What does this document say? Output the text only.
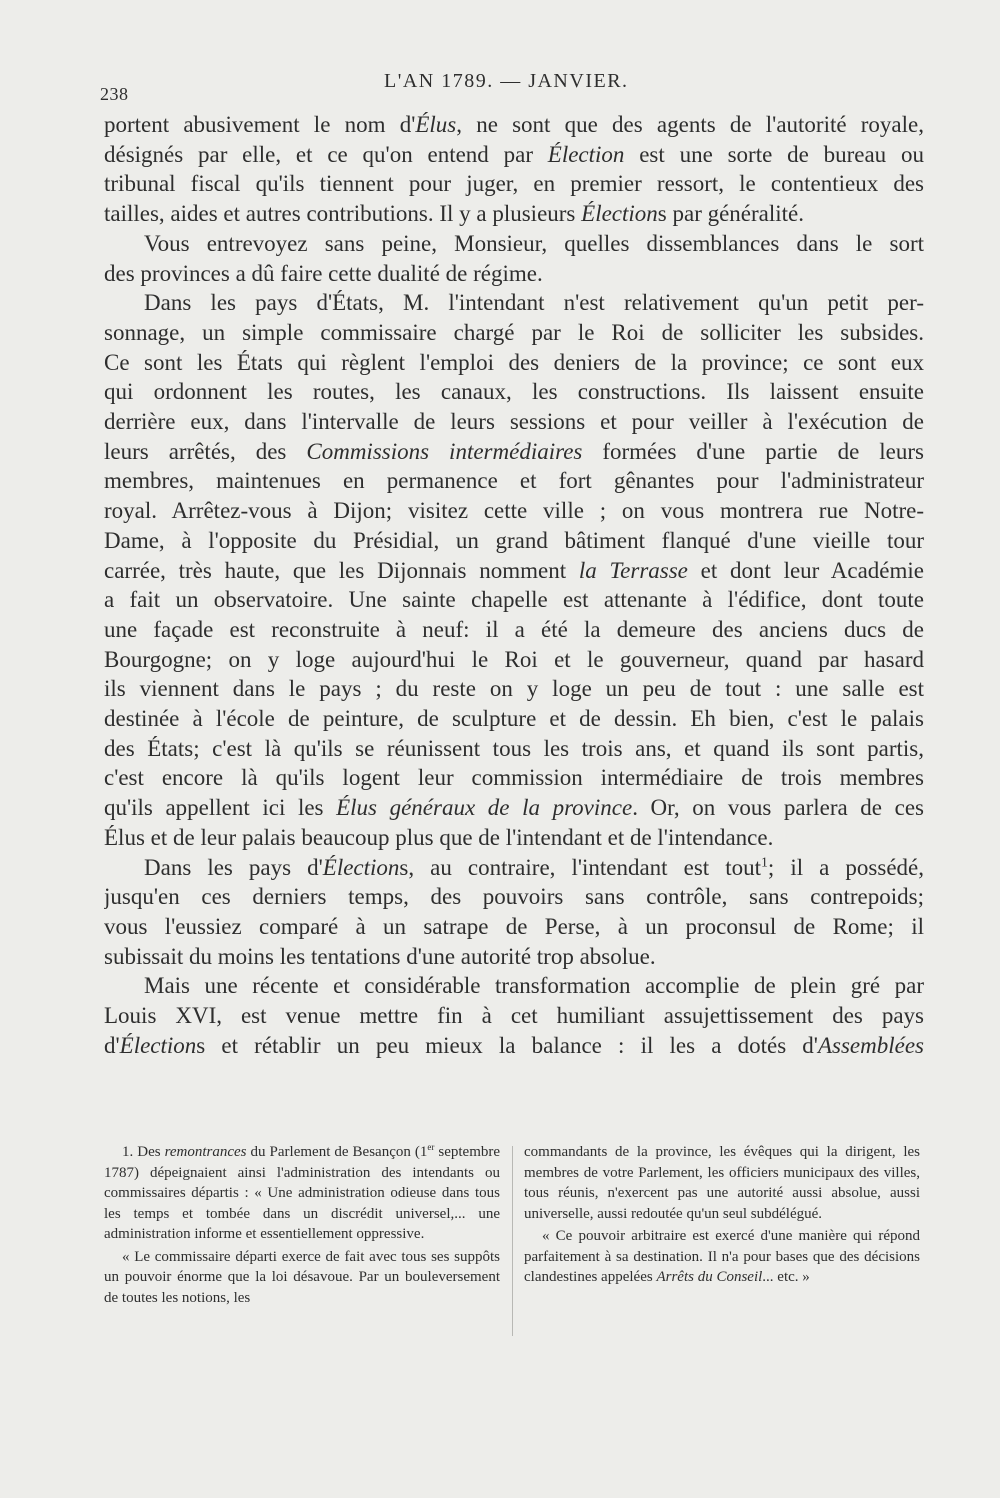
238
L'AN 1789. — JANVIER.
portent abusivement le nom d'Élus, ne sont que des agents de l'autorité royale,
désignés par elle, et ce qu'on entend par Élection est une sorte de bureau ou
tribunal fiscal qu'ils tiennent pour juger, en premier ressort, le contentieux des
tailles, aides et autres contributions. Il y a plusieurs Élections par généralité.
Vous entrevoyez sans peine, Monsieur, quelles dissemblances dans le sort
des provinces a dû faire cette dualité de régime.
Dans les pays d'États, M. l'intendant n'est relativement qu'un petit per-
sonnage, un simple commissaire chargé par le Roi de solliciter les subsides.
Ce sont les États qui règlent l'emploi des deniers de la province; ce sont eux
qui ordonnent les routes, les canaux, les constructions. Ils laissent ensuite
derrière eux, dans l'intervalle de leurs sessions et pour veiller à l'exécution de
leurs arrêtés, des Commissions intermédiaires formées d'une partie de leurs
membres, maintenues en permanence et fort gênantes pour l'administrateur
royal. Arrêtez-vous à Dijon; visitez cette ville ; on vous montrera rue Notre-
Dame, à l'opposite du Présidial, un grand bâtiment flanqué d'une vieille tour
carrée, très haute, que les Dijonnais nomment la Terrasse et dont leur Académie
a fait un observatoire. Une sainte chapelle est attenante à l'édifice, dont toute
une façade est reconstruite à neuf: il a été la demeure des anciens ducs de
Bourgogne; on y loge aujourd'hui le Roi et le gouverneur, quand par hasard
ils viennent dans le pays ; du reste on y loge un peu de tout : une salle est
destinée à l'école de peinture, de sculpture et de dessin. Eh bien, c'est le palais
des États; c'est là qu'ils se réunissent tous les trois ans, et quand ils sont partis,
c'est encore là qu'ils logent leur commission intermédiaire de trois membres
qu'ils appellent ici les Élus généraux de la province. Or, on vous parlera de ces
Élus et de leur palais beaucoup plus que de l'intendant et de l'intendance.
Dans les pays d'Élections, au contraire, l'intendant est tout$^1$; il a possédé,
jusqu'en ces derniers temps, des pouvoirs sans contrôle, sans contrepoids;
vous l'eussiez comparé à un satrape de Perse, à un proconsul de Rome; il
subissait du moins les tentations d'une autorité trop absolue.
Mais une récente et considérable transformation accomplie de plein gré par
Louis XVI, est venue mettre fin à cet humiliant assujettissement des pays
d'Élections et rétablir un peu mieux la balance : il les a dotés d'Assemblées

1. Des remontrances du Parlement de Besançon (1er septembre 1787) dépeignaient ainsi l'administration des intendants ou commissaires départis : « Une administration odieuse dans tous les temps et tombée dans un discrédit universel,... une administration informe et essentiellement oppressive.

« Le commissaire départi exerce de fait avec tous ses suppôts un pouvoir énorme que la loi désavoue. Par un bouleversement de toutes les notions, les

commandants de la province, les évêques qui la dirigent, les membres de votre Parlement, les officiers municipaux des villes, tous réunis, n'exercent pas une autorité aussi absolue, aussi universelle, aussi redoutée qu'un seul subdélégué.

« Ce pouvoir arbitraire est exercé d'une manière qui répond parfaitement à sa destination. Il n'a pour bases que des décisions clandestines appelées Arrêts du Conseil... etc. »
